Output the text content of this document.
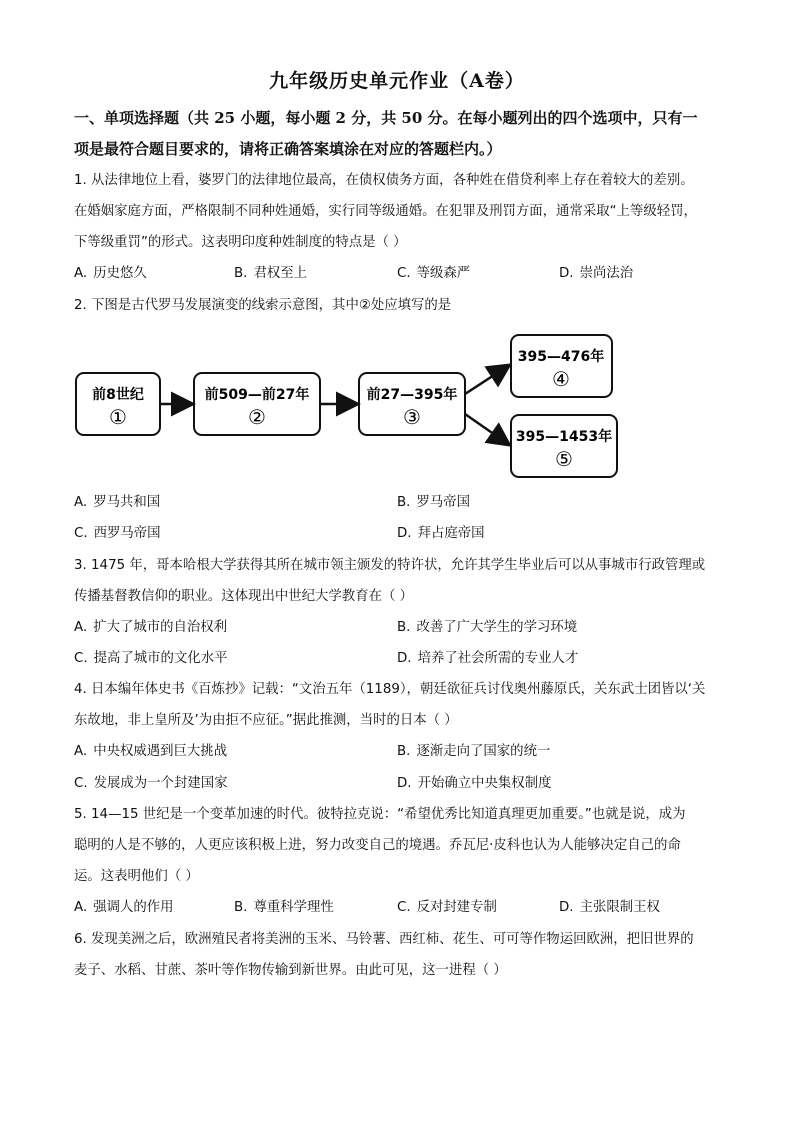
九年级历史单元作业（A卷）
一、单项选择题（共 25 小题，每小题 2 分，共 50 分。在每小题列出的四个选项中，只有一
项是最符合题目要求的，请将正确答案填涂在对应的答题栏内。）
1. 从法律地位上看，婆罗门的法律地位最高，在债权债务方面，各种姓在借贷利率上存在着较大的差别。
在婚姻家庭方面，严格限制不同种姓通婚，实行同等级通婚。在犯罪及刑罚方面，通常采取“上等级轻罚，
下等级重罚”的形式。这表明印度种姓制度的特点是（ ）
A. 历史悠久	B. 君权至上	C. 等级森严	D. 崇尚法治
2. 下图是古代罗马发展演变的线索示意图，其中②处应填写的是
前8世纪
①
前509—前27年
②
前27—395年
③
395—476年
④
395—1453年
⑤
A. 罗马共和国	B. 罗马帝国
C. 西罗马帝国	D. 拜占庭帝国
3. 1475 年，哥本哈根大学获得其所在城市领主颁发的特许状，允许其学生毕业后可以从事城市行政管理或
传播基督教信仰的职业。这体现出中世纪大学教育在（ ）
A. 扩大了城市的自治权利	B. 改善了广大学生的学习环境
C. 提高了城市的文化水平	D. 培养了社会所需的专业人才
4. 日本编年体史书《百炼抄》记载：“文治五年（1189），朝廷欲征兵讨伐奥州藤原氏，关东武士团皆以‘关
东故地，非上皇所及’为由拒不应征。”据此推测，当时的日本（ ）
A. 中央权威遇到巨大挑战	B. 逐渐走向了国家的统一
C. 发展成为一个封建国家	D. 开始确立中央集权制度
5. 14—15 世纪是一个变革加速的时代。彼特拉克说：“希望优秀比知道真理更加重要。”也就是说，成为
聪明的人是不够的，人更应该积极上进，努力改变自己的境遇。乔瓦尼·皮科也认为人能够决定自己的命
运。这表明他们（ ）
A. 强调人的作用	B. 尊重科学理性	C. 反对封建专制	D. 主张限制王权
6. 发现美洲之后，欧洲殖民者将美洲的玉米、马铃薯、西红柿、花生、可可等作物运回欧洲，把旧世界的
麦子、水稻、甘蔗、茶叶等作物传输到新世界。由此可见，这一进程（ ）
